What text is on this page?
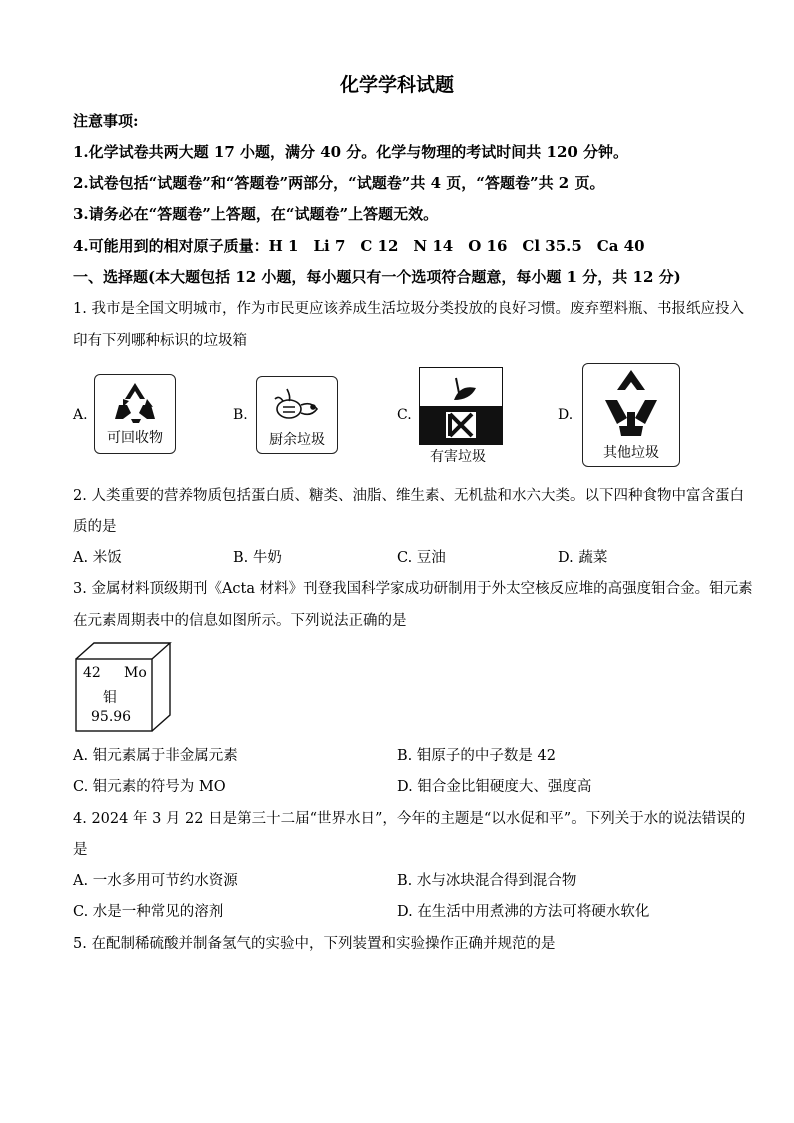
化学学科试题
注意事项:
1.化学试卷共两大题 17 小题，满分 40 分。化学与物理的考试时间共 120 分钟。
2.试卷包括“试题卷”和“答题卷”两部分，“试题卷”共 4 页，“答题卷”共 2 页。
3.请务必在“答题卷”上答题，在“试题卷”上答题无效。
4.可能用到的相对原子质量：H 1　Li 7　C 12　N 14　O 16　Cl 35.5　Ca 40
一、选择题(本大题包括 12 小题，每小题只有一个选项符合题意，每小题 1 分，共 12 分)
1. 我市是全国文明城市，作为市民更应该养成生活垃圾分类投放的良好习惯。废弃塑料瓶、书报纸应投入
印有下列哪种标识的垃圾箱
A.
可回收物
B.
厨余垃圾
C.
有害垃圾
D.
其他垃圾
2. 人类重要的营养物质包括蛋白质、糖类、油脂、维生素、无机盐和水六大类。以下四种食物中富含蛋白
质的是
A. 米饭	B. 牛奶	C. 豆油	D. 蔬菜
3. 金属材料顶级期刊《Acta 材料》刊登我国科学家成功研制用于外太空核反应堆的高强度钼合金。钼元素
在元素周期表中的信息如图所示。下列说法正确的是
42 Mo
钼
95.96
A. 钼元素属于非金属元素	B. 钼原子的中子数是 42
C. 钼元素的符号为 MO	D. 钼合金比钼硬度大、强度高
4. 2024 年 3 月 22 日是第三十二届“世界水日”，今年的主题是“以水促和平”。下列关于水的说法错误的
是
A. 一水多用可节约水资源	B. 水与冰块混合得到混合物
C. 水是一种常见的溶剂	D. 在生活中用煮沸的方法可将硬水软化
5. 在配制稀硫酸并制备氢气的实验中，下列装置和实验操作正确并规范的是
